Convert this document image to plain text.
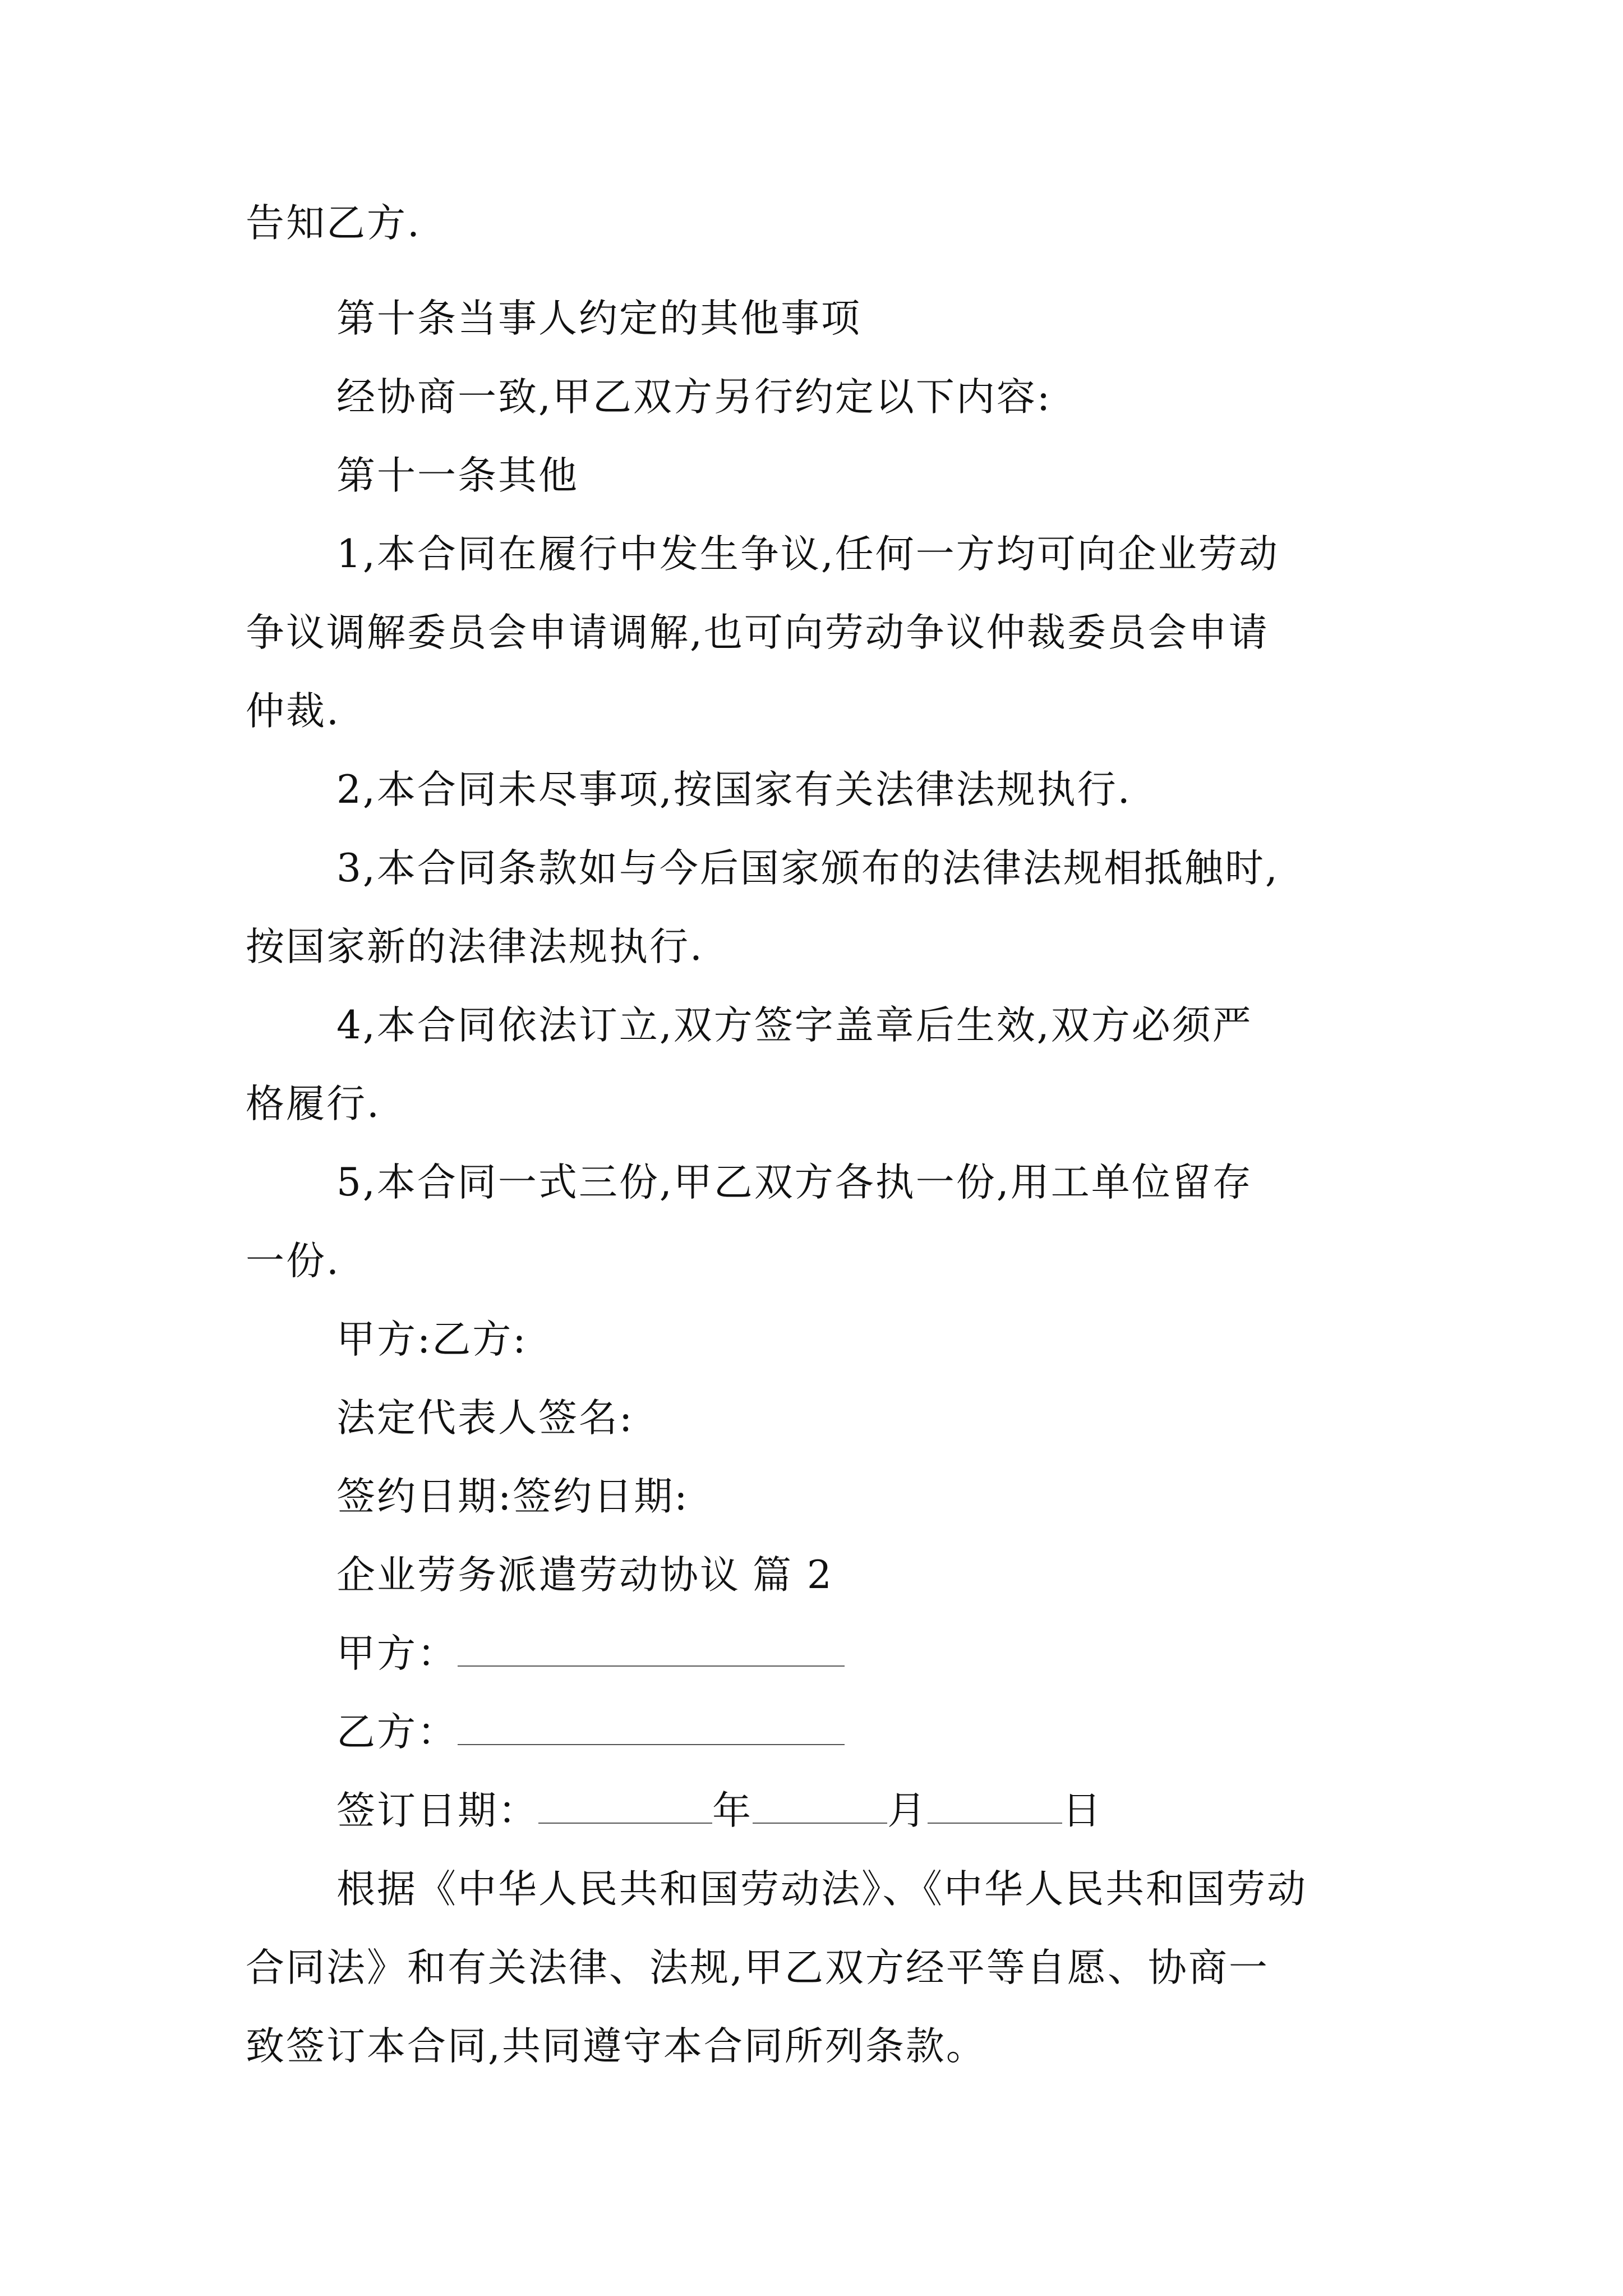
告知乙方.
第十条当事人约定的其他事项
经协商一致,甲乙双方另行约定以下内容:
第十一条其他
1,本合同在履行中发生争议,任何一方均可向企业劳动
争议调解委员会申请调解,也可向劳动争议仲裁委员会申请
仲裁.
2,本合同未尽事项,按国家有关法律法规执行.
3,本合同条款如与今后国家颁布的法律法规相抵触时,
按国家新的法律法规执行.
4,本合同依法订立,双方签字盖章后生效,双方必须严
格履行.
5,本合同一式三份,甲乙双方各执一份,用工单位留存
一份.
甲方:乙方:
法定代表人签名:
签约日期:签约日期:
企业劳务派遣劳动协议 篇 2
甲方：
乙方：
签订日期：	年	月	日
根据《中华人民共和国劳动法》、《中华人民共和国劳动
合同法》和有关法律、法规,甲乙双方经平等自愿、协商一
致签订本合同,共同遵守本合同所列条款。
